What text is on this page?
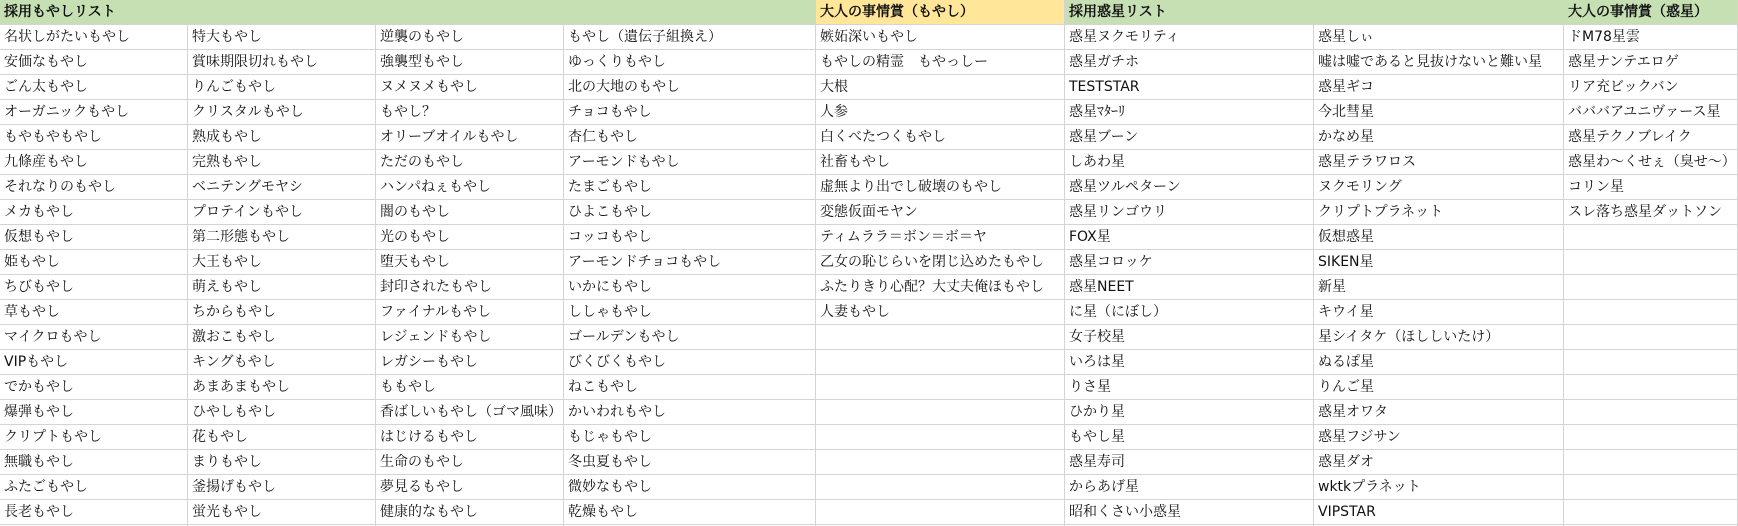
採用もやしリスト
名状しがたいもやし
安価なもやし
ごん太もやし
オーガニックもやし
もやもやもやし
九條産もやし
それなりのもやし
メカもやし
仮想もやし
姫もやし
ちびもやし
草もやし
マイクロもやし
VIPもやし
でかもやし
爆弾もやし
クリプトもやし
無職もやし
ふたごもやし
長老もやし
特大もやし
賞味期限切れもやし
りんごもやし
クリスタルもやし
熟成もやし
完熟もやし
ベニテングモヤシ
プロテインもやし
第二形態もやし
大王もやし
萌えもやし
ちからもやし
激おこもやし
キングもやし
あまあまもやし
ひやしもやし
花もやし
まりもやし
釜揚げもやし
蛍光もやし
逆襲のもやし
強襲型もやし
ヌメヌメもやし
もやし？
オリーブオイルもやし
ただのもやし
ハンパねぇもやし
闇のもやし
光のもやし
堕天もやし
封印されたもやし
ファイナルもやし
レジェンドもやし
レガシーもやし
ももやし
香ばしいもやし（ゴマ風味）
はじけるもやし
生命のもやし
夢見るもやし
健康的なもやし
もやし（遺伝子組換え）
ゆっくりもやし
北の大地のもやし
チョコもやし
杏仁もやし
アーモンドもやし
たまごもやし
ひよこもやし
コッコもやし
アーモンドチョコもやし
いかにもやし
ししゃもやし
ゴールデンもやし
びくびくもやし
ねこもやし
かいわれもやし
もじゃもやし
冬虫夏もやし
微妙なもやし
乾燥もやし
大人の事情賞（もやし）
嫉妬深いもやし
もやしの精霊　もやっしー
大根
人参
白くべたつくもやし
社畜もやし
虚無より出でし破壊のもやし
変態仮面モヤン
ティムララ＝ボン＝ボ＝ヤ
乙女の恥じらいを閉じ込めたもやし
ふたりきり心配？大丈夫俺ほもやし
人妻もやし
採用惑星リスト
惑星ヌクモリティ
惑星ガチホ
TESTSTAR
惑星ﾏﾀｰﾘ
惑星ブーン
しあわ星
惑星ツルペターン
惑星リンゴウリ
FOX星
惑星コロッケ
惑星NEET
に星（にぼし）
女子校星
いろは星
りさ星
ひかり星
もやし星
惑星寿司
からあげ星
昭和くさい小惑星
惑星しぃ
嘘は嘘であると見抜けないと難い星
惑星ギコ
今北彗星
かなめ星
惑星テラワロス
ヌクモリング
クリプトプラネット
仮想惑星
SIKEN星
新星
キウイ星
星シイタケ（ほししいたけ）
ぬるぽ星
りんご星
惑星オワタ
惑星フジサン
惑星ダオ
wktkプラネット
VIPSTAR
大人の事情賞（惑星）
ドM78星雲
惑星ナンテエロゲ
リア充ビックバン
バババアユニヴァース星
惑星テクノブレイク
惑星わ～くせぇ（臭せ～）
コリン星
スレ落ち惑星ダットソン
